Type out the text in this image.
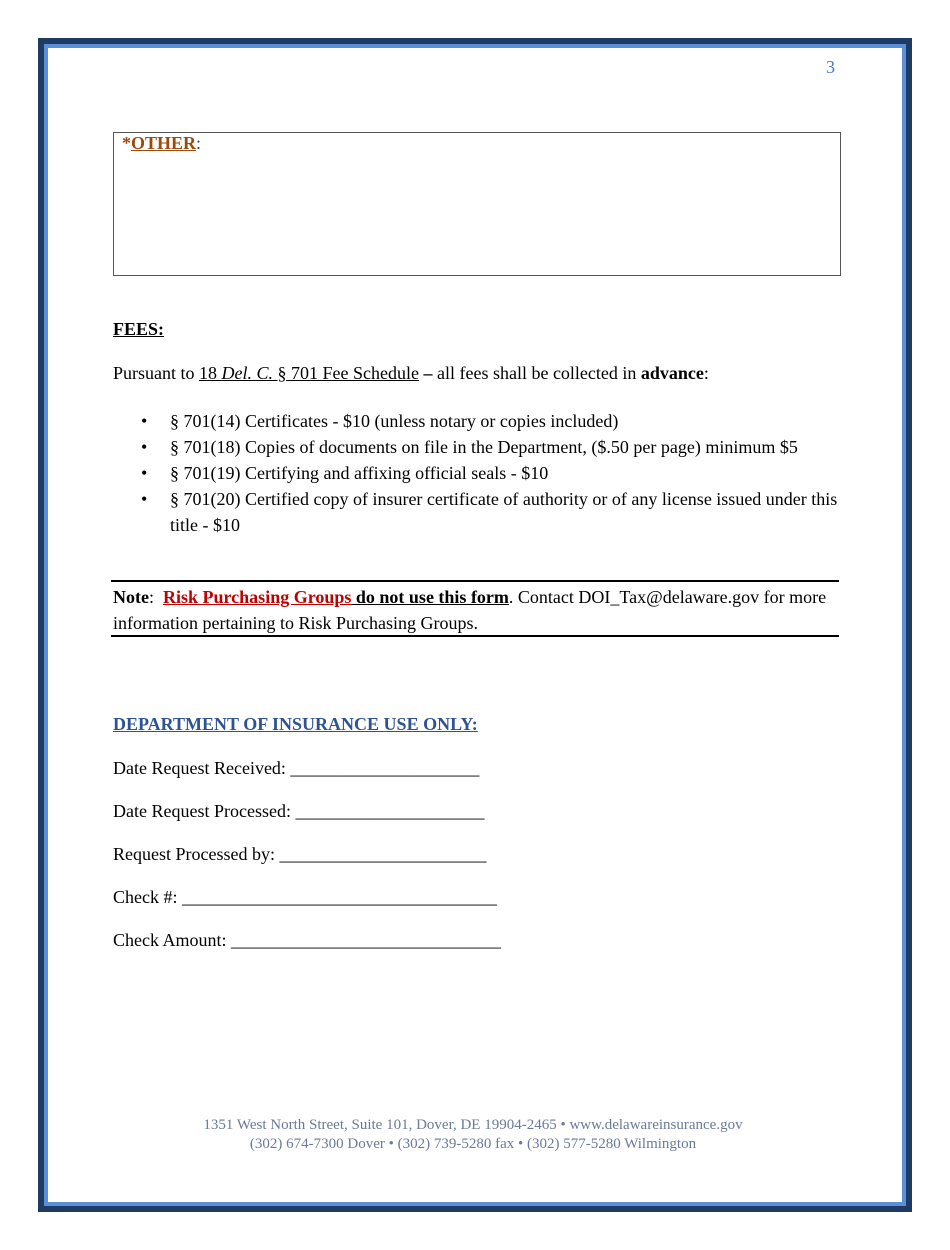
3
*OTHER:
FEES:
Pursuant to 18 Del. C. § 701 Fee Schedule – all fees shall be collected in advance:
• § 701(14) Certificates - $10 (unless notary or copies included)
• § 701(18) Copies of documents on file in the Department, ($.50 per page) minimum $5
• § 701(19) Certifying and affixing official seals - $10
• § 701(20) Certified copy of insurer certificate of authority or of any license issued under this title - $10
Note: Risk Purchasing Groups do not use this form. Contact DOI_Tax@delaware.gov for more information pertaining to Risk Purchasing Groups.
DEPARTMENT OF INSURANCE USE ONLY:
Date Request Received: _____________________
Date Request Processed: _____________________
Request Processed by: _______________________
Check #: ___________________________________
Check Amount: ______________________________
1351 West North Street, Suite 101, Dover, DE 19904-2465 • www.delawareinsurance.gov
(302) 674-7300 Dover • (302) 739-5280 fax • (302) 577-5280 Wilmington
